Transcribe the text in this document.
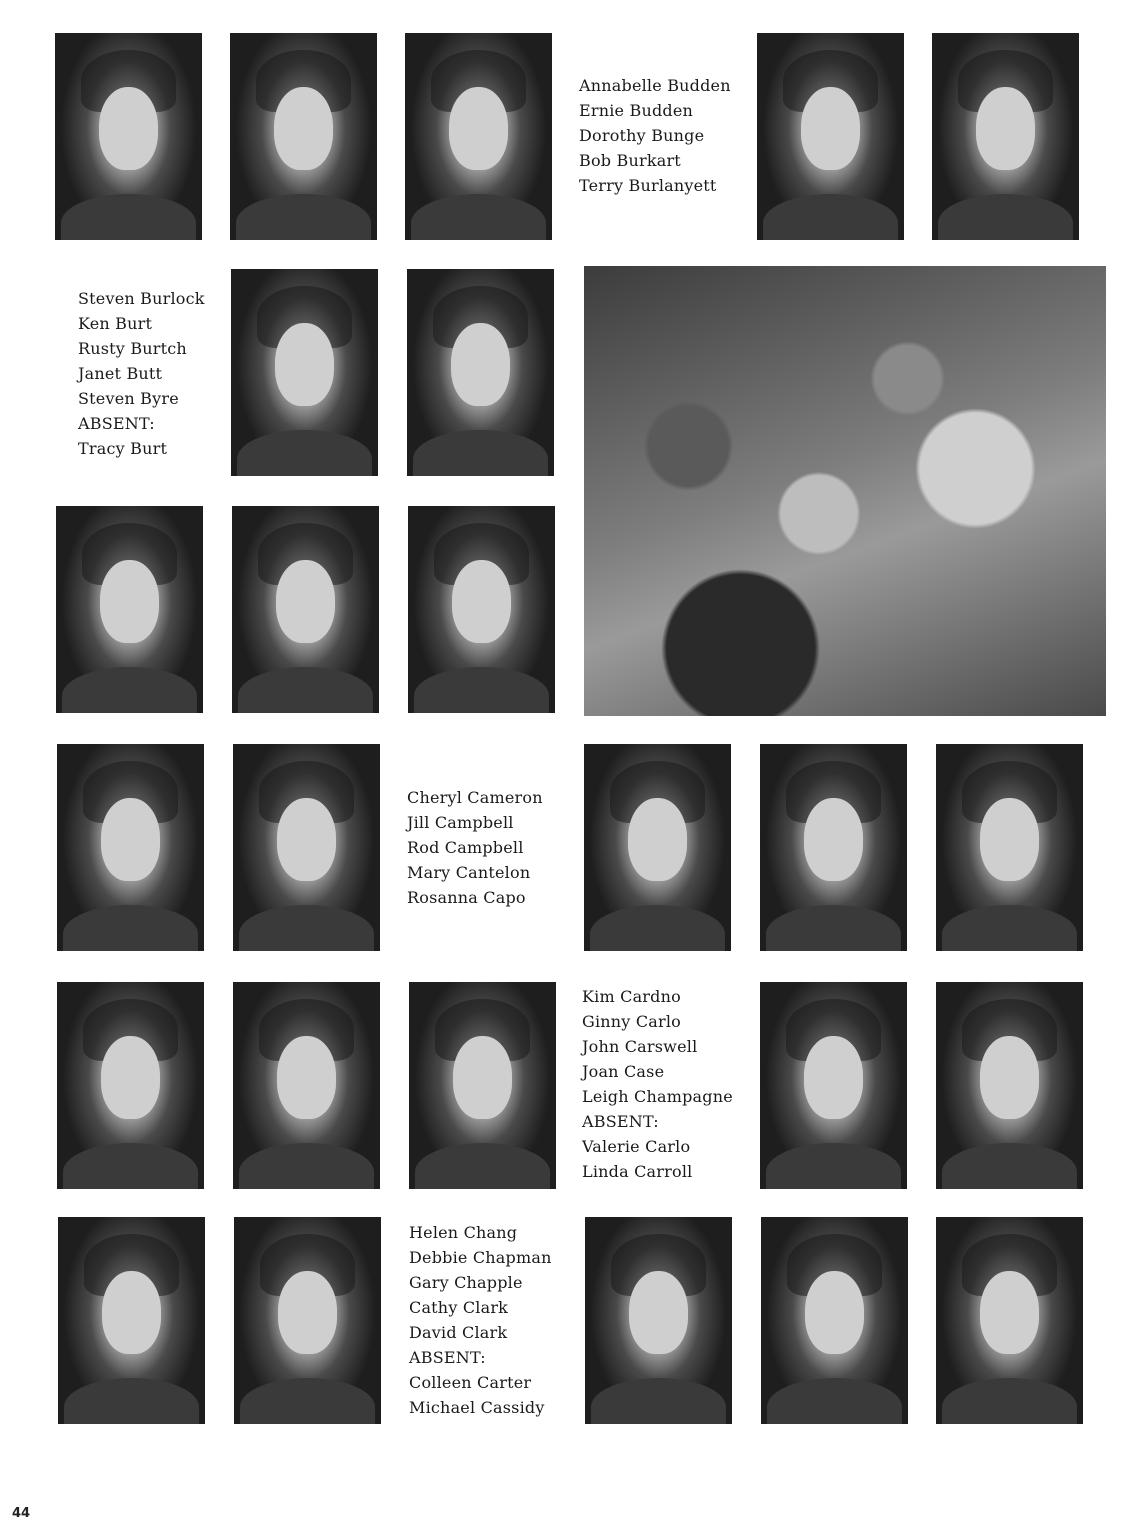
Annabelle Budden
Ernie Budden
Dorothy Bunge
Bob Burkart
Terry Burlanyett
Steven Burlock
Ken Burt
Rusty Burtch
Janet Butt
Steven Byre
ABSENT:
Tracy Burt
Cheryl Cameron
Jill Campbell
Rod Campbell
Mary Cantelon
Rosanna Capo
Kim Cardno
Ginny Carlo
John Carswell
Joan Case
Leigh Champagne
ABSENT:
Valerie Carlo
Linda Carroll
Helen Chang
Debbie Chapman
Gary Chapple
Cathy Clark
David Clark
ABSENT:
Colleen Carter
Michael Cassidy
44
